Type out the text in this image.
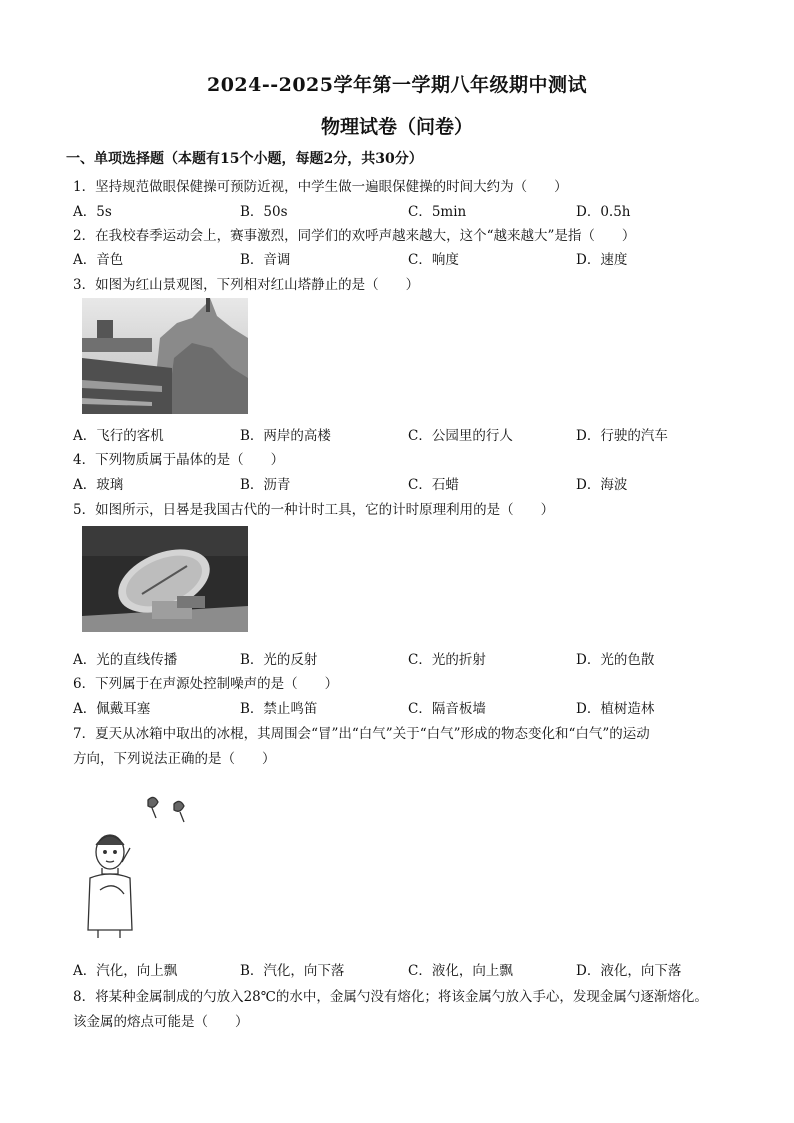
2024--2025学年第一学期八年级期中测试
物理试卷（问卷）
一、单项选择题（本题有15个小题，每题2分，共30分）
1．坚持规范做眼保健操可预防近视，中学生做一遍眼保健操的时间大约为（　　）
A．5s	B．50s	C．5min	D．0.5h
2．在我校春季运动会上，赛事激烈，同学们的欢呼声越来越大，这个“越来越大”是指（　　）
A．音色	B．音调	C．响度	D．速度
3．如图为红山景观图，下列相对红山塔静止的是（　　）
A．飞行的客机	B．两岸的高楼	C．公园里的行人	D．行驶的汽车
4．下列物质属于晶体的是（　　）
A．玻璃	B．沥青	C．石蜡	D．海波
5．如图所示，日晷是我国古代的一种计时工具，它的计时原理利用的是（　　）
A．光的直线传播	B．光的反射	C．光的折射	D．光的色散
6．下列属于在声源处控制噪声的是（　　）
A．佩戴耳塞	B．禁止鸣笛	C．隔音板墙	D．植树造林
7．夏天从冰箱中取出的冰棍，其周围会“冒”出“白气”关于“白气”形成的物态变化和“白气”的运动
方向，下列说法正确的是（　　）
A．汽化，向上飘	B．汽化，向下落	C．液化，向上飘	D．液化，向下落
8．将某种金属制成的勺放入28℃的水中，金属勺没有熔化；将该金属勺放入手心，发现金属勺逐渐熔化。
该金属的熔点可能是（　　）
